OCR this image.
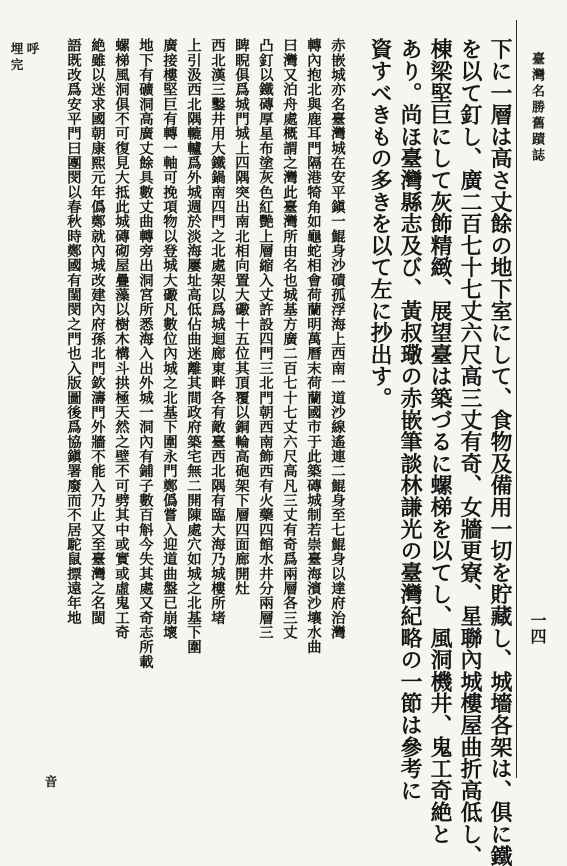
臺灣名勝舊蹟誌
一四
下に一層は高さ丈餘の地下室にして、食物及備用一切を貯藏し、城墻各架は、俱に鐵
を以て釘し、廣二百七十七丈六尺高三丈有奇、女牆更寮、星聯內城樓屋曲折高低し、
棟梁堅巨にして灰飾精緻、展望臺は築づるに螺梯を以てし、風洞機井、鬼工奇絶と
あり。尚ほ臺灣縣志及び、黃叔璥の赤嵌筆談林謙光の臺灣紀略の一節は參考に
資すべきもの多きを以て左に抄出す。
赤嵌城亦名臺灣城在安平鎭一鯤身沙磧孤浮海上西南一道沙線遙連二鯤身至七鯤身以達府治灣
轉內抱北與鹿耳門隔港犄角如龜蛇相會荷蘭明萬曆末荷蘭國市于此築磚城制若崇臺海濱沙壤水曲
曰灣又泊舟處概謂之灣此臺灣所由名也城基方廣二百七十七丈六尺高凡三丈有奇爲兩層各三丈
凸釘以鐵磚厚星布塗灰色紅艷上層縮入丈許設四門三北門朝西南飾西有火藥四館水井分兩層三
睥睨俱爲城門城上四隅突出南北相向置大礮十五位其頂覆以銅輪高砲架下層四面廊開灶
西北漢三鑿井用大鐵鍋南四門之北處架以爲城迴廊東畔各有敵臺西北隅有臨大海乃城樓所堵
上引汲西北隅轆轤爲外城週於淡海屢址高低佔曲迷離其間政府築宅無二開陳處穴如城之北基下圍
廣接樓堅巨有轉一軸可挽項物以登城大礮凡數位內城之北基下圍永門鄭僞嘗入迎道曲盤已崩壞
地下有礦洞高廣丈餘具數丈曲轉旁出洞宮所悉海入出外城一洞內有鋪子數百斛今失其處又奇志所載
螺梯風洞俱不可復見大抵此城磚砌屋疊藻以樹木構斗拱極天然之壁不可劈其中或實或虛鬼工奇
絶雖以迷求國朝康熙元年僞鄭就內城改建內府孫北門欽濤門外牆不能入乃止又至臺灣之名閩
語既改爲安平門曰團閔以春秋時鄭國有閨閔之門也入版圖後爲協鎭署廢而不居駝鼠摽遠年地
音
呼
埋
完
